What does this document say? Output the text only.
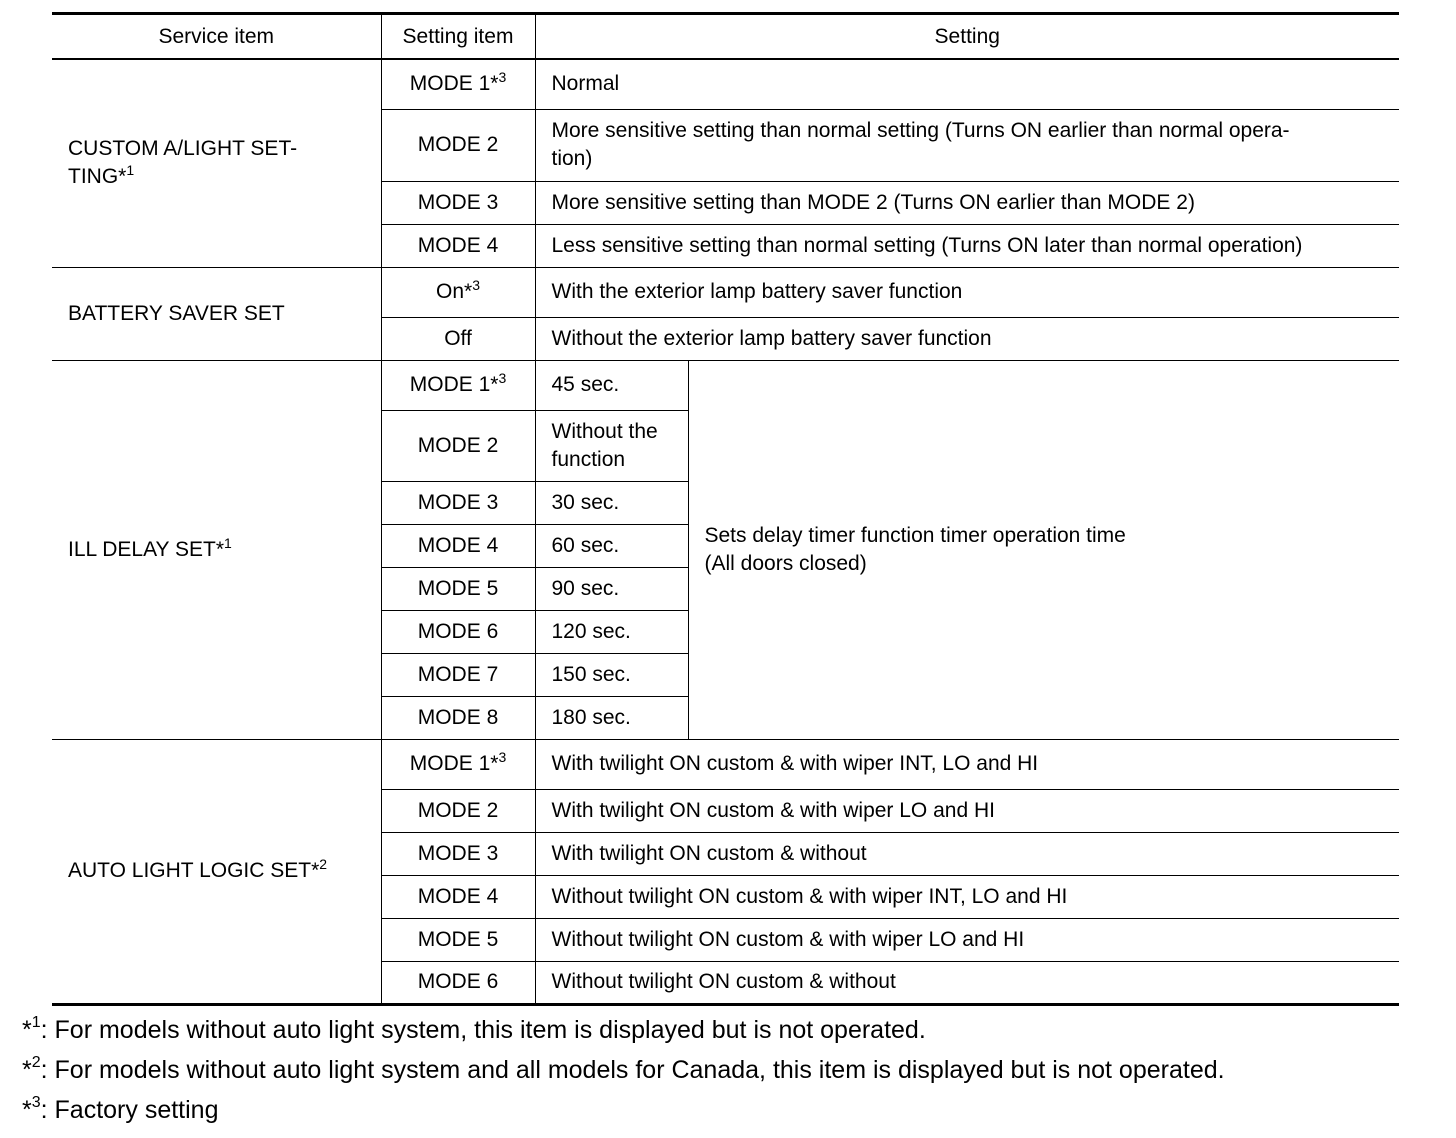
Service item	Setting item	Setting	
CUSTOM A/LIGHT SET-
TING*$^1$	MODE 1*$^3$	Normal	
	MODE 2	More sensitive setting than normal setting (Turns ON earlier than normal opera-
tion)	
	MODE 3	More sensitive setting than MODE 2 (Turns ON earlier than MODE 2)	
	MODE 4	Less sensitive setting than normal setting (Turns ON later than normal operation)	
BATTERY SAVER SET	On*$^3$	With the exterior lamp battery saver function	
	Off	Without the exterior lamp battery saver function	
ILL DELAY SET*$^1$	MODE 1*$^3$	45 sec.	Sets delay timer function timer operation time
(All doors closed)
	MODE 2	Without the
function	
	MODE 3	30 sec.	
	MODE 4	60 sec.	
	MODE 5	90 sec.	
	MODE 6	120 sec.	
	MODE 7	150 sec.	
	MODE 8	180 sec.	
AUTO LIGHT LOGIC SET*$^2$	MODE 1*$^3$	With twilight ON custom & with wiper INT, LO and HI	
	MODE 2	With twilight ON custom & with wiper LO and HI	
	MODE 3	With twilight ON custom & without	
	MODE 4	Without twilight ON custom & with wiper INT, LO and HI	
	MODE 5	Without twilight ON custom & with wiper LO and HI	
	MODE 6	Without twilight ON custom & without	
*$^1$: For models without auto light system, this item is displayed but is not operated.
*$^2$: For models without auto light system and all models for Canada, this item is displayed but is not operated.
*$^3$: Factory setting
